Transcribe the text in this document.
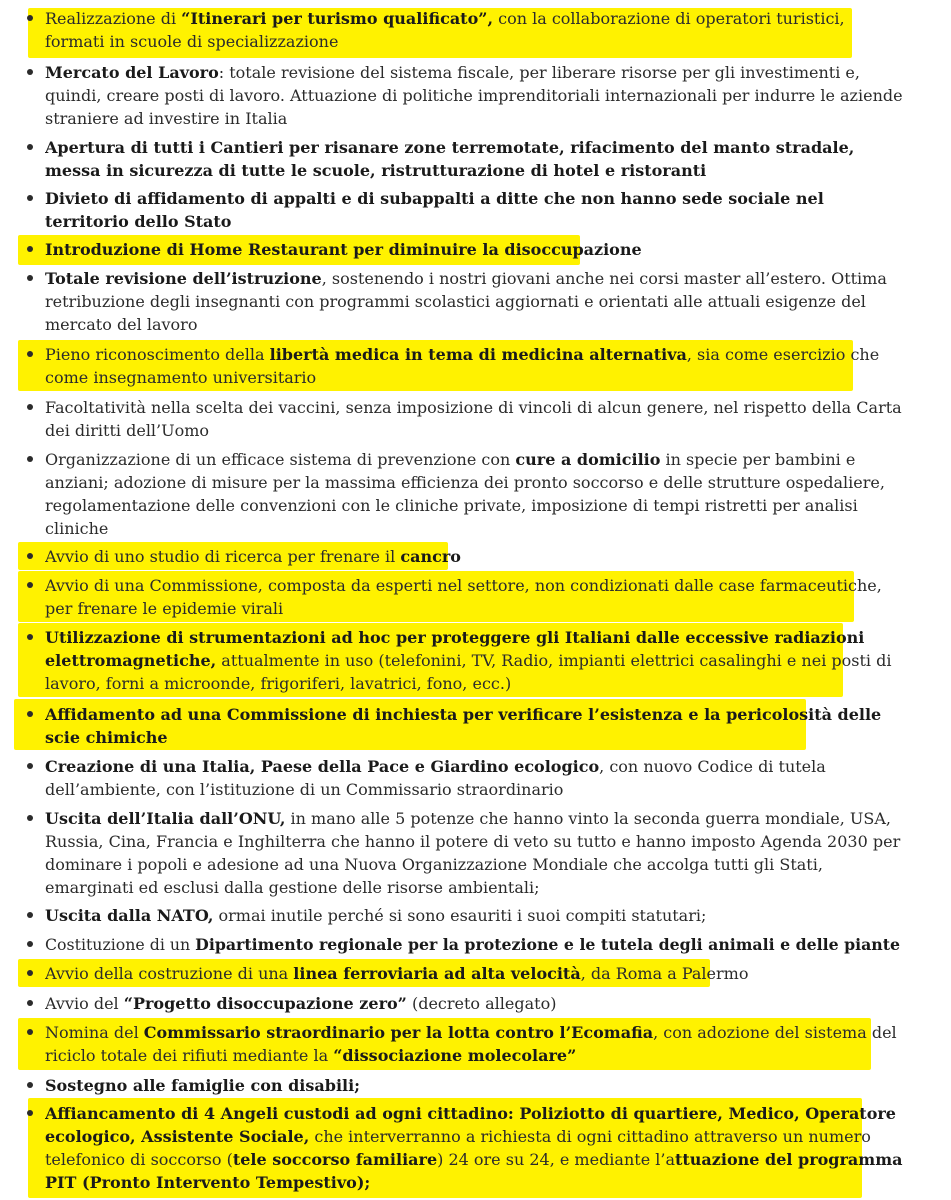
Realizzazione di “Itinerari per turismo qualificato”, con la collaborazione di operatori turistici, formati in scuole di specializzazione
Mercato del Lavoro: totale revisione del sistema fiscale, per liberare risorse per gli investimenti e, quindi, creare posti di lavoro. Attuazione di politiche imprenditoriali internazionali per indurre le aziende straniere ad investire in Italia
Apertura di tutti i Cantieri per risanare zone terremotate, rifacimento del manto stradale, messa in sicurezza di tutte le scuole, ristrutturazione di hotel e ristoranti
Divieto di affidamento di appalti e di subappalti a ditte che non hanno sede sociale nel territorio dello Stato
Introduzione di Home Restaurant per diminuire la disoccupazione
Totale revisione dell’istruzione, sostenendo i nostri giovani anche nei corsi master all’estero. Ottima retribuzione degli insegnanti con programmi scolastici aggiornati e orientati alle attuali esigenze del mercato del lavoro
Pieno riconoscimento della libertà medica in tema di medicina alternativa, sia come esercizio che come insegnamento universitario
Facoltatività nella scelta dei vaccini, senza imposizione di vincoli di alcun genere, nel rispetto della Carta dei diritti dell’Uomo
Organizzazione di un efficace sistema di prevenzione con cure a domicilio in specie per bambini e anziani; adozione di misure per la massima efficienza dei pronto soccorso e delle strutture ospedaliere, regolamentazione delle convenzioni con le cliniche private, imposizione di tempi ristretti per analisi cliniche
Avvio di uno studio di ricerca per frenare il cancro
Avvio di una Commissione, composta da esperti nel settore, non condizionati dalle case farmaceutiche, per frenare le epidemie virali
Utilizzazione di strumentazioni ad hoc per proteggere gli Italiani dalle eccessive radiazioni elettromagnetiche, attualmente in uso (telefonini, TV, Radio, impianti elettrici casalinghi e nei posti di lavoro, forni a microonde, frigoriferi, lavatrici, fono, ecc.)
Affidamento ad una Commissione di inchiesta per verificare l’esistenza e la pericolosità delle scie chimiche
Creazione di una Italia, Paese della Pace e Giardino ecologico, con nuovo Codice di tutela dell’ambiente, con l’istituzione di un Commissario straordinario
Uscita dell’Italia dall’ONU, in mano alle 5 potenze che hanno vinto la seconda guerra mondiale, USA, Russia, Cina, Francia e Inghilterra che hanno il potere di veto su tutto e hanno imposto Agenda 2030 per dominare i popoli e adesione ad una Nuova Organizzazione Mondiale che accolga tutti gli Stati, emarginati ed esclusi dalla gestione delle risorse ambientali;
Uscita dalla NATO, ormai inutile perché si sono esauriti i suoi compiti statutari;
Costituzione di un Dipartimento regionale per la protezione e le tutela degli animali e delle piante
Avvio della costruzione di una linea ferroviaria ad alta velocità, da Roma a Palermo
Avvio del “Progetto disoccupazione zero” (decreto allegato)
Nomina del Commissario straordinario per la lotta contro l’Ecomafia, con adozione del sistema del riciclo totale dei rifiuti mediante la “dissociazione molecolare”
Sostegno alle famiglie con disabili;
Affiancamento di 4 Angeli custodi ad ogni cittadino: Poliziotto di quartiere, Medico, Operatore ecologico, Assistente Sociale, che interverranno a richiesta di ogni cittadino attraverso un numero telefonico di soccorso (tele soccorso familiare) 24 ore su 24, e mediante l’attuazione del programma PIT (Pronto Intervento Tempestivo);
